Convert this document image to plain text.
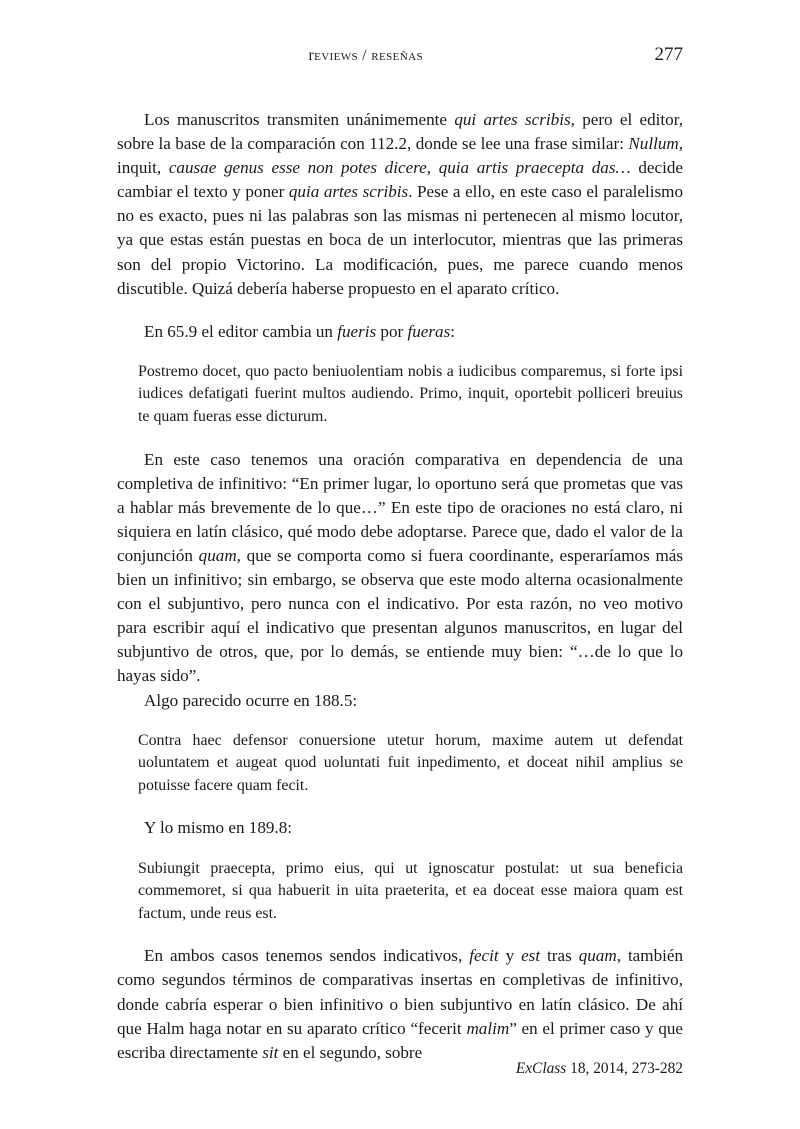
reviews / reseñas	277

Los manuscritos transmiten unánimemente qui artes scribis, pero el editor, sobre la base de la comparación con 112.2, donde se lee una frase similar: Nullum, inquit, causae genus esse non potes dicere, quia artis praecepta das… decide cambiar el texto y poner quia artes scribis. Pese a ello, en este caso el paralelismo no es exacto, pues ni las palabras son las mismas ni pertenecen al mismo locutor, ya que estas están puestas en boca de un interlocutor, mientras que las primeras son del propio Victorino. La modificación, pues, me parece cuando menos discutible. Quizá debería haberse propuesto en el aparato crítico.

En 65.9 el editor cambia un fueris por fueras:

Postremo docet, quo pacto beniuolentiam nobis a iudicibus comparemus, si forte ipsi iudices defatigati fuerint multos audiendo. Primo, inquit, oportebit polliceri breuius te quam fueras esse dicturum.

En este caso tenemos una oración comparativa en dependencia de una completiva de infinitivo: “En primer lugar, lo oportuno será que prometas que vas a hablar más brevemente de lo que…” En este tipo de oraciones no está claro, ni siquiera en latín clásico, qué modo debe adoptarse. Parece que, dado el valor de la conjunción quam, que se comporta como si fuera coordinante, esperaríamos más bien un infinitivo; sin embargo, se observa que este modo alterna ocasionalmente con el subjuntivo, pero nunca con el indicativo. Por esta razón, no veo motivo para escribir aquí el indicativo que presentan algunos manuscritos, en lugar del subjuntivo de otros, que, por lo demás, se entiende muy bien: “…de lo que lo hayas sido”.

Algo parecido ocurre en 188.5:

Contra haec defensor conuersione utetur horum, maxime autem ut defendat uoluntatem et augeat quod uoluntati fuit inpedimento, et doceat nihil amplius se potuisse facere quam fecit.

Y lo mismo en 189.8:

Subiungit praecepta, primo eius, qui ut ignoscatur postulat: ut sua beneficia commemoret, si qua habuerit in uita praeterita, et ea doceat esse maiora quam est factum, unde reus est.

En ambos casos tenemos sendos indicativos, fecit y est tras quam, también como segundos términos de comparativas insertas en completivas de infinitivo, donde cabría esperar o bien infinitivo o bien subjuntivo en latín clásico. De ahí que Halm haga notar en su aparato crítico “fecerit malim” en el primer caso y que escriba directamente sit en el segundo, sobre

ExClass 18, 2014, 273-282
